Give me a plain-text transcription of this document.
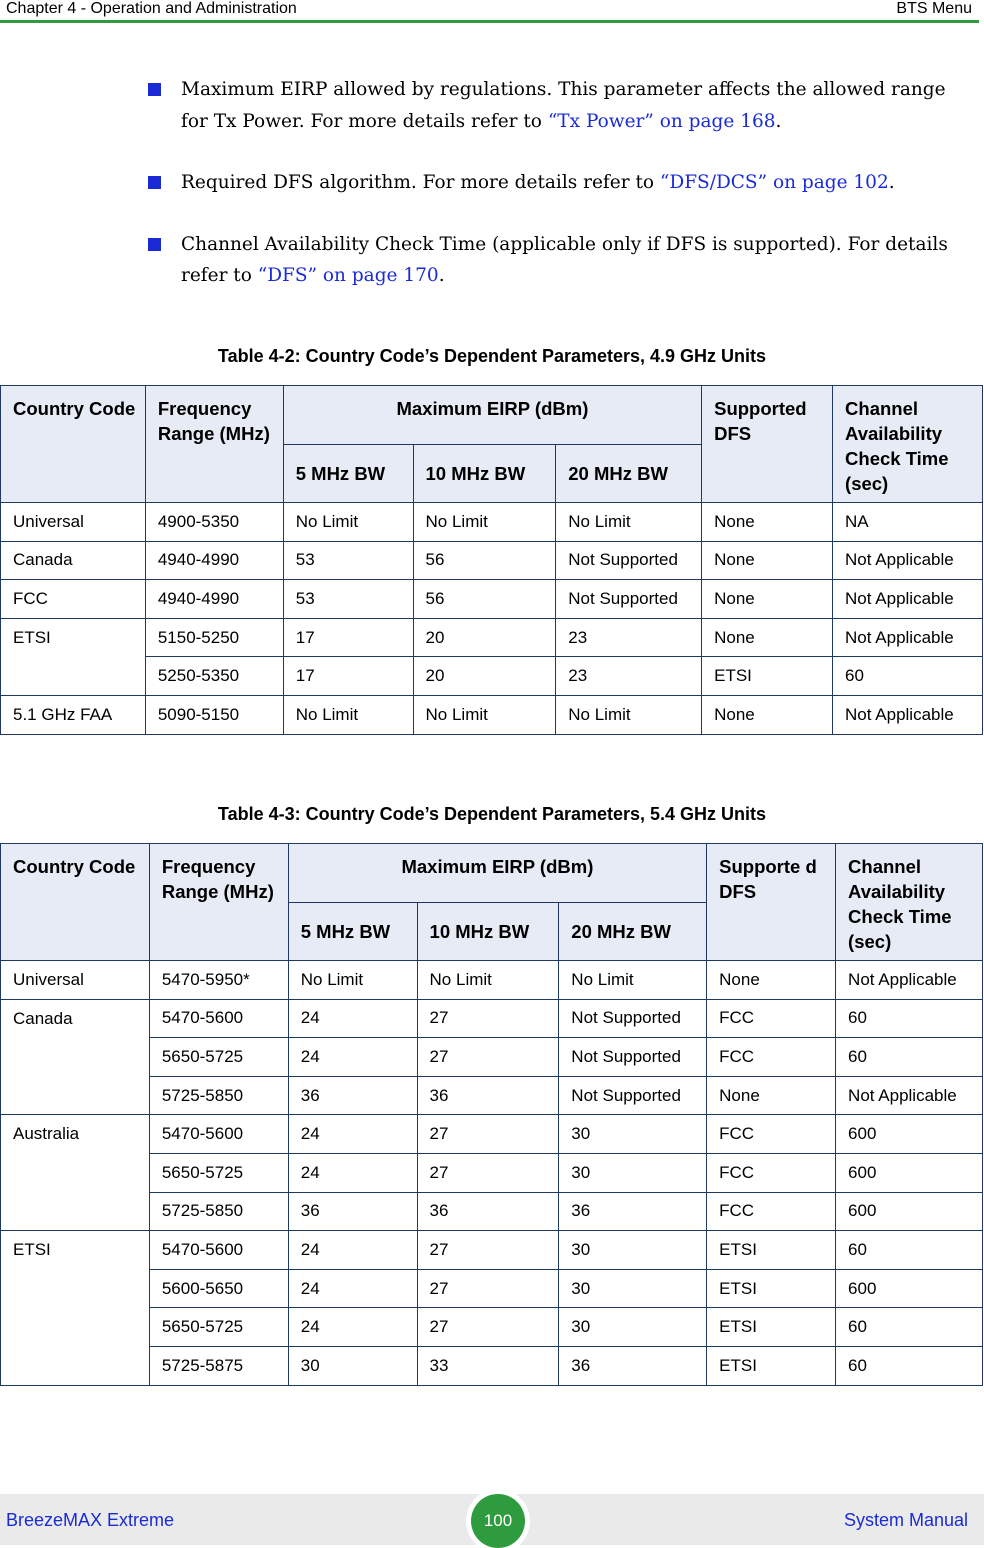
Chapter 4 - Operation and Administration	BTS Menu
Maximum EIRP allowed by regulations. This parameter affects the allowed range for Tx Power. For more details refer to “Tx Power” on page 168.
Required DFS algorithm. For more details refer to “DFS/DCS” on page 102.
Channel Availability Check Time (applicable only if DFS is supported). For details refer to “DFS” on page 170.
Table 4-2: Country Code’s Dependent Parameters, 4.9 GHz Units
Country Code	Frequency Range (MHz)	Maximum EIRP (dBm)			Supported DFS	Channel Availability Check Time (sec)
		5 MHz BW	10 MHz BW	20 MHz BW		
Universal	4900-5350	No Limit	No Limit	No Limit	None	NA
Canada	4940-4990	53	56	Not Supported	None	Not Applicable
FCC	4940-4990	53	56	Not Supported	None	Not Applicable
ETSI	5150-5250	17	20	23	None	Not Applicable
	5250-5350	17	20	23	ETSI	60
5.1 GHz FAA	5090-5150	No Limit	No Limit	No Limit	None	Not Applicable
Table 4-3: Country Code’s Dependent Parameters, 5.4 GHz Units
Country Code	Frequency Range (MHz)	Maximum EIRP (dBm)			Supporte d DFS	Channel Availability Check Time (sec)
		5 MHz BW	10 MHz BW	20 MHz BW		
Universal	5470-5950*	No Limit	No Limit	No Limit	None	Not Applicable
Canada	5470-5600	24	27	Not Supported	FCC	60
	5650-5725	24	27	Not Supported	FCC	60
	5725-5850	36	36	Not Supported	None	Not Applicable
Australia	5470-5600	24	27	30	FCC	600
	5650-5725	24	27	30	FCC	600
	5725-5850	36	36	36	FCC	600
ETSI	5470-5600	24	27	30	ETSI	60
	5600-5650	24	27	30	ETSI	600
	5650-5725	24	27	30	ETSI	60
	5725-5875	30	33	36	ETSI	60
BreezeMAX Extreme	100	System Manual
